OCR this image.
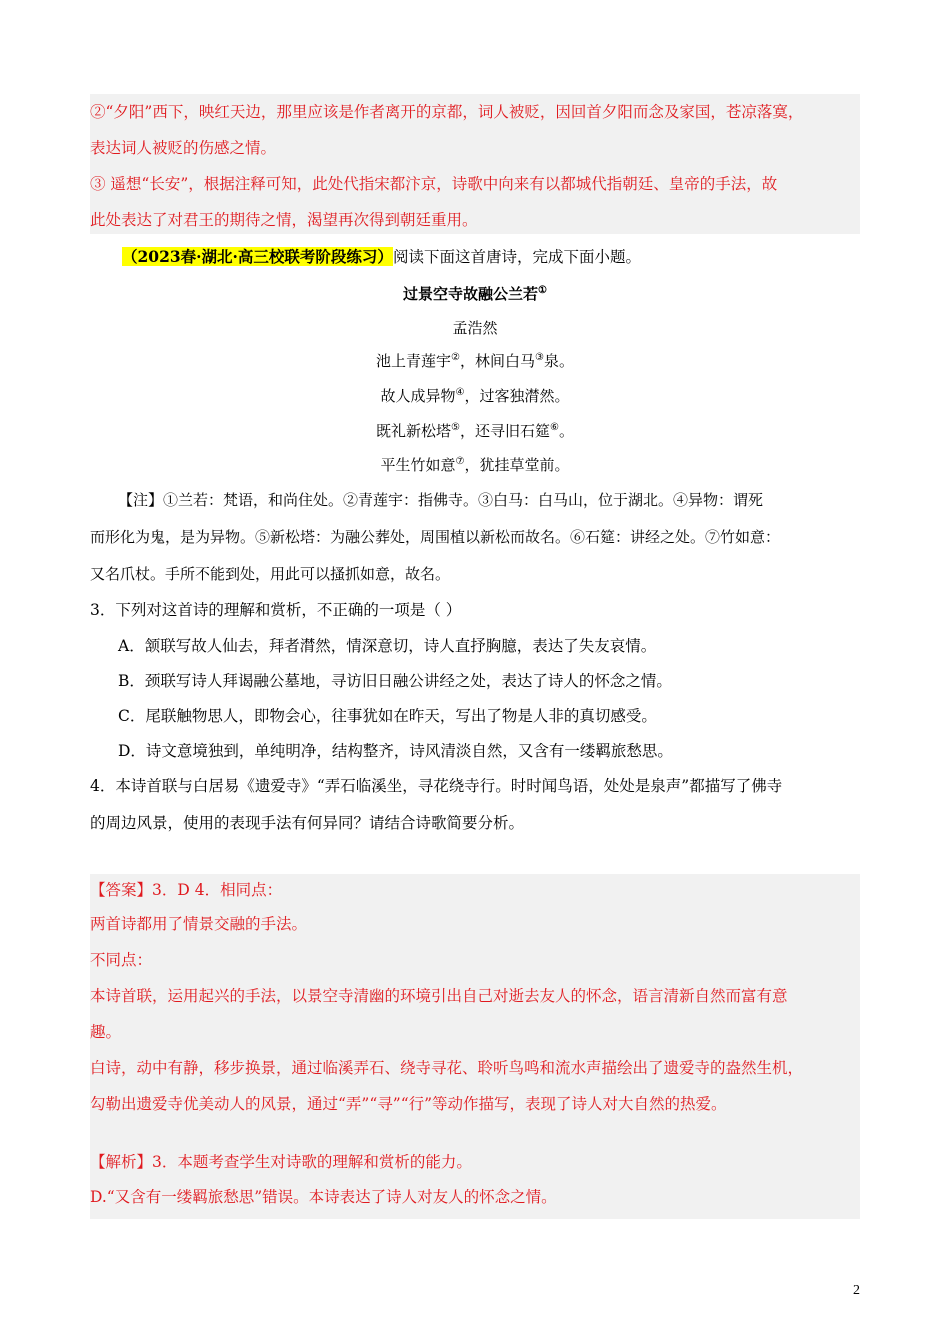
②“夕阳”西下，映红天边，那里应该是作者离开的京都，词人被贬，因回首夕阳而念及家国，苍凉落寞，
表达词人被贬的伤感之情。
③ 遥想“长安”，根据注释可知，此处代指宋都汴京，诗歌中向来有以都城代指朝廷、皇帝的手法，故
此处表达了对君王的期待之情，渴望再次得到朝廷重用。
（2023春·湖北·高三校联考阶段练习）阅读下面这首唐诗，完成下面小题。
过景空寺故融公兰若①
孟浩然
池上青莲宇②，林间白马③泉。
故人成异物④，过客独潸然。
既礼新松塔⑤，还寻旧石筵⑥。
平生竹如意⑦，犹挂草堂前。
【注】①兰若：梵语，和尚住处。②青莲宇：指佛寺。③白马：白马山，位于湖北。④异物：谓死
而形化为鬼，是为异物。⑤新松塔：为融公葬处，周围植以新松而故名。⑥石筵：讲经之处。⑦竹如意：
又名爪杖。手所不能到处，用此可以搔抓如意，故名。
3．下列对这首诗的理解和赏析，不正确的一项是（ ）
A．颔联写故人仙去，拜者潸然，情深意切，诗人直抒胸臆，表达了失友哀情。
B．颈联写诗人拜谒融公墓地，寻访旧日融公讲经之处，表达了诗人的怀念之情。
C．尾联触物思人，即物会心，往事犹如在昨天，写出了物是人非的真切感受。
D．诗文意境独到，单纯明净，结构整齐，诗风清淡自然，又含有一缕羁旅愁思。
4．本诗首联与白居易《遗爱寺》“弄石临溪坐，寻花绕寺行。时时闻鸟语，处处是泉声”都描写了佛寺
的周边风景，使用的表现手法有何异同？请结合诗歌简要分析。
【答案】3．D 4．相同点：
两首诗都用了情景交融的手法。
不同点：
本诗首联，运用起兴的手法，以景空寺清幽的环境引出自己对逝去友人的怀念，语言清新自然而富有意
趣。
白诗，动中有静，移步换景，通过临溪弄石、绕寺寻花、聆听鸟鸣和流水声描绘出了遗爱寺的盎然生机，
勾勒出遗爱寺优美动人的风景，通过“弄”“寻”“行”等动作描写，表现了诗人对大自然的热爱。
【解析】3．本题考查学生对诗歌的理解和赏析的能力。
D.“又含有一缕羁旅愁思”错误。本诗表达了诗人对友人的怀念之情。
2
